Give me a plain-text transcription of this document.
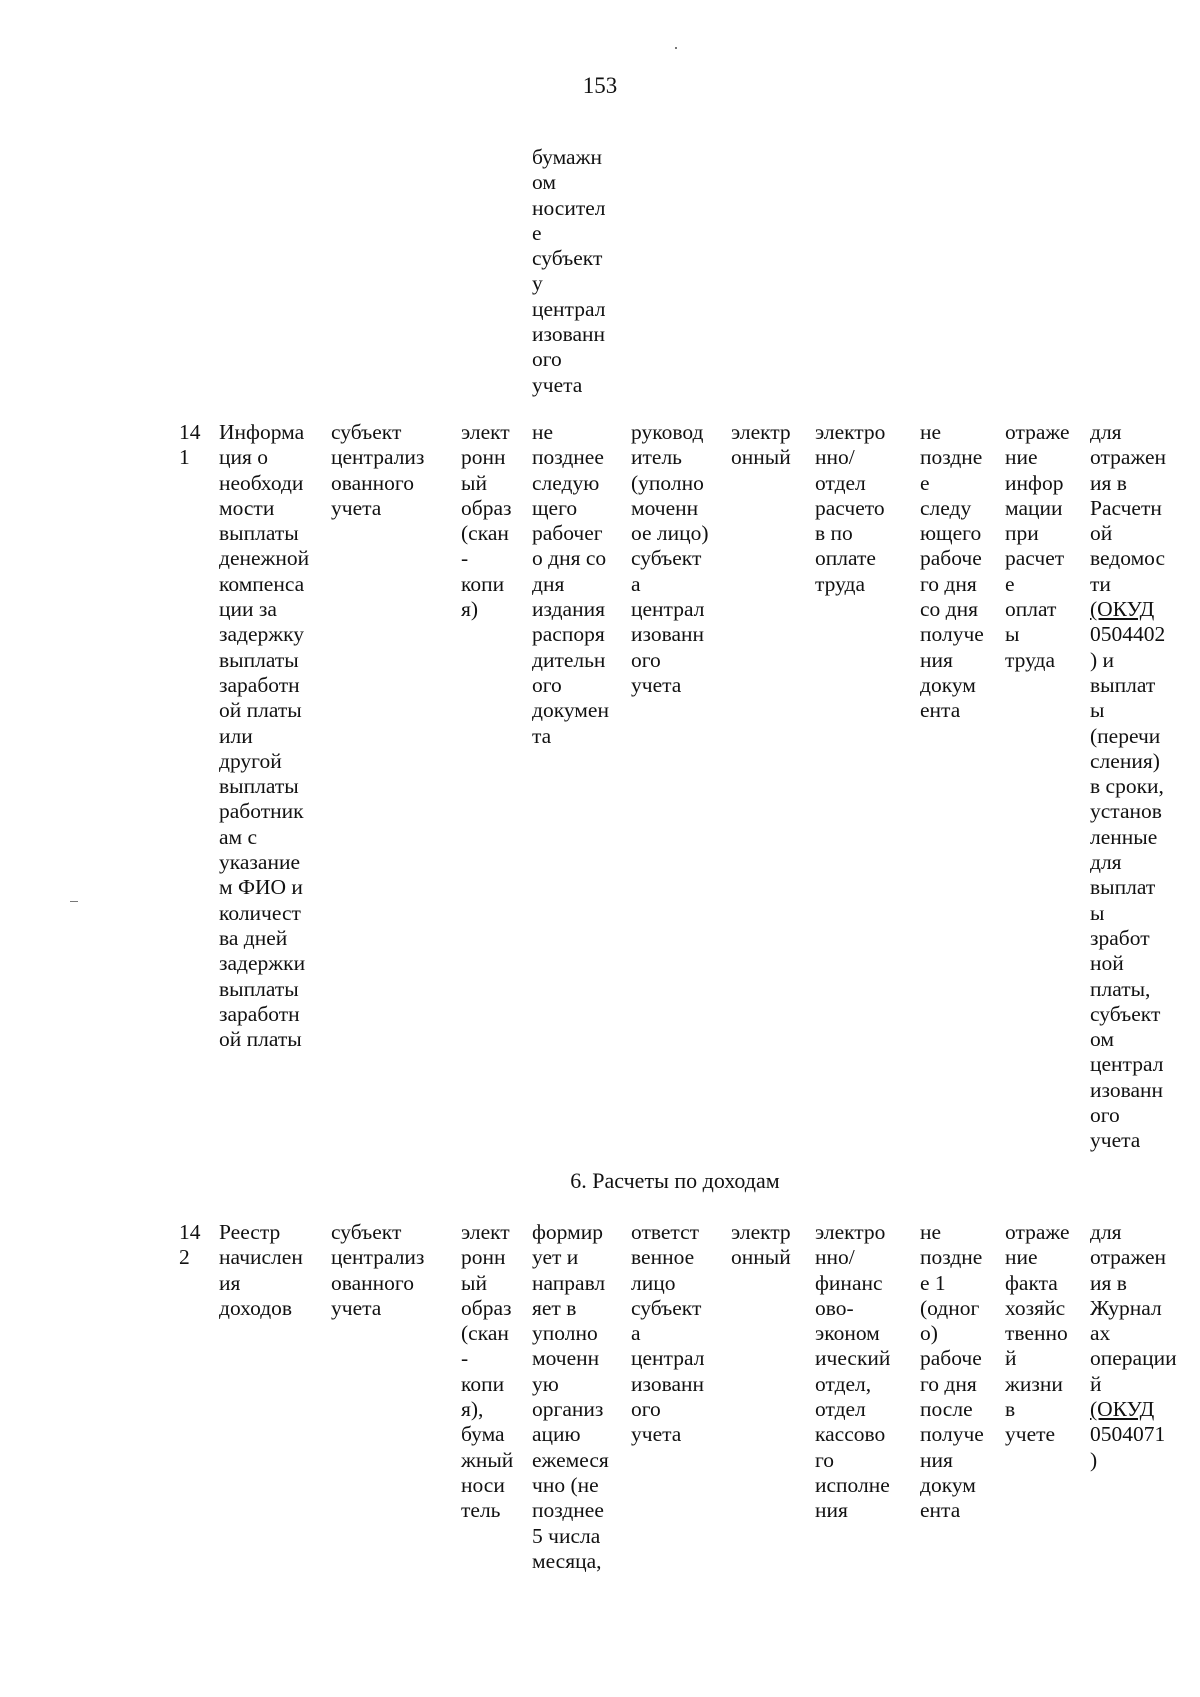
153
бумажн
ом
носител
е
субъект
у
централ
изованн
ого
учета
14
1
Информа
ция о
необходи
мости
выплаты
денежной
компенса
ции за
задержку
выплаты
заработн
ой платы
или
другой
выплаты
работник
ам с
указание
м ФИО и
количест
ва дней
задержки
выплаты
заработн
ой платы
субъект
централиз
ованного
учета
элект
ронн
ый
образ
(скан
-
копи
я)
не
позднее
следую
щего
рабочег
о дня со
дня
издания
распоря
дительн
ого
докумен
та
руковод
итель
(уполно
моченн
ое лицо)
субъект
а
централ
изованн
ого
учета
электр
онный
электро
нно/
отдел
расчето
в по
оплате
труда
не
поздне
е
следу
ющего
рабоче
го дня
со дня
получе
ния
докум
ента
отраже
ние
инфор
мации
при
расчет
е
оплат
ы
труда
для
отражен
ия в
Расчетн
ой
ведомос
ти
(ОКУД
0504402
) и
выплат
ы
(перечи
сления)
в сроки,
установ
ленные
для
выплат
ы
зработ
ной
платы,
субъект
ом
централ
изованн
ого
учета
6. Расчеты по доходам
14
2
Реестр
начислен
ия
доходов
субъект
централиз
ованного
учета
элект
ронн
ый
образ
(скан
-
копи
я),
бума
жный
носи
тель
формир
ует и
направл
яет в
уполно
моченн
ую
организ
ацию
ежемеся
чно (не
позднее
5 числа
месяца,
ответст
венное
лицо
субъект
а
централ
изованн
ого
учета
электр
онный
электро
нно/
финанс
ово-
эконом
ический
отдел,
отдел
кассово
го
исполне
ния
не
поздне
е 1
(одног
о)
рабоче
го дня
после
получе
ния
докум
ента
отраже
ние
факта
хозяйс
твенно
й
жизни
в
учете
для
отражен
ия в
Журнал
ах
операции
й
(ОКУД
0504071
)
